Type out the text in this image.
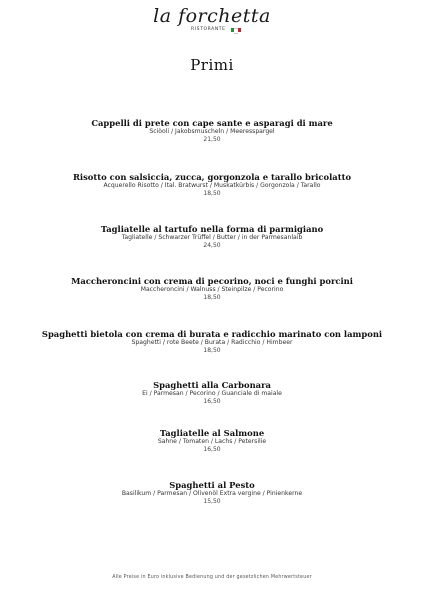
la forchetta
RISTORANTE
Primi
Cappelli di prete con cape sante e asparagi di mare
Sciòoli / Jakobsmuscheln / Meeresspargel
21,50
Risotto con salsiccia, zucca, gorgonzola e tarallo bricolatto
Acquerello Risotto / Ital. Bratwurst / Muskatkürbis / Gorgonzola / Tarallo
18,50
Tagliatelle al tartufo nella forma di parmigiano
Tagliatelle / Schwarzer Trüffel / Butter / in der Parmesanlaib
24,50
Maccheroncini con crema di pecorino, noci e funghi porcini
Maccheroncini / Walnuss / Steinpilze / Pecorino
18,50
Spaghetti bietola con crema di burata e radicchio marinato con lamponi
Spaghetti / rote Beete / Burata / Radicchio / Himbeer
18,50
Spaghetti alla Carbonara
Ei / Parmesan / Pecorino / Guanciale di maiale
16,50
Tagliatelle al Salmone
Sahne / Tomaten / Lachs / Petersilie
16,50
Spaghetti al Pesto
Basilikum / Parmesan / Olivenöl Extra vergine / Pinienkerne
15,50
Alle Preise in Euro inklusive Bedienung und der gesetzlichen Mehrwertsteuer
